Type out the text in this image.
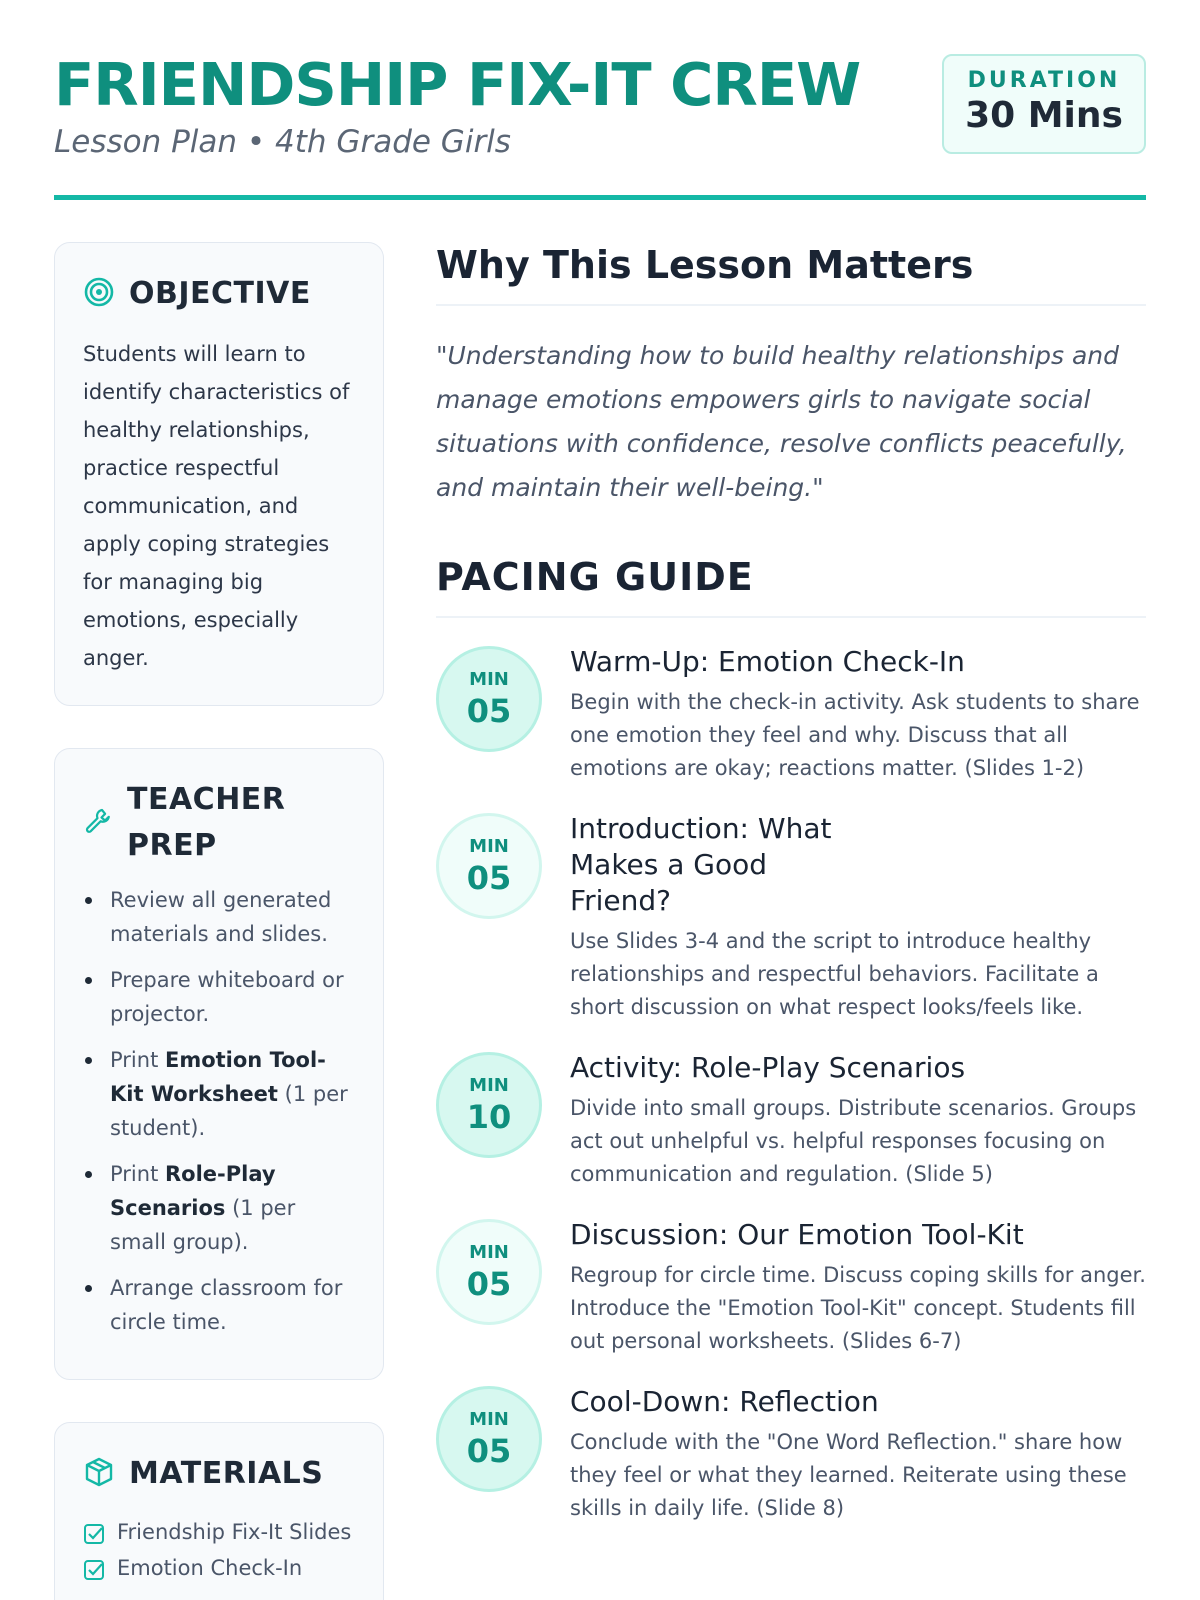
FRIENDSHIP FIX-IT CREW
Lesson Plan • 4th Grade Girls
DURATION
30 Mins
OBJECTIVE
Students will learn to identify characteristics of healthy relationships, practice respectful communication, and apply coping strategies for managing big emotions, especially anger.
TEACHER PREP
Review all generated materials and slides.
Prepare whiteboard or projector.
Print Emotion Tool-Kit Worksheet (1 per student).
Print Role-Play Scenarios (1 per small group).
Arrange classroom for circle time.
MATERIALS
Friendship Fix-It Slides
Emotion Check-In
Why This Lesson Matters
"Understanding how to build healthy relationships and manage emotions empowers girls to navigate social situations with confidence, resolve conflicts peacefully, and maintain their well-being."
PACING GUIDE
MIN
05
Warm-Up: Emotion Check-In
Begin with the check-in activity. Ask students to share one emotion they feel and why. Discuss that all emotions are okay; reactions matter. (Slides 1-2)
MIN
05
Introduction: What Makes a Good Friend?
Use Slides 3-4 and the script to introduce healthy relationships and respectful behaviors. Facilitate a short discussion on what respect looks/feels like.
MIN
10
Activity: Role-Play Scenarios
Divide into small groups. Distribute scenarios. Groups act out unhelpful vs. helpful responses focusing on communication and regulation. (Slide 5)
MIN
05
Discussion: Our Emotion Tool-Kit
Regroup for circle time. Discuss coping skills for anger. Introduce the "Emotion Tool-Kit" concept. Students fill out personal worksheets. (Slides 6-7)
MIN
05
Cool-Down: Reflection
Conclude with the "One Word Reflection." share how they feel or what they learned. Reiterate using these skills in daily life. (Slide 8)
